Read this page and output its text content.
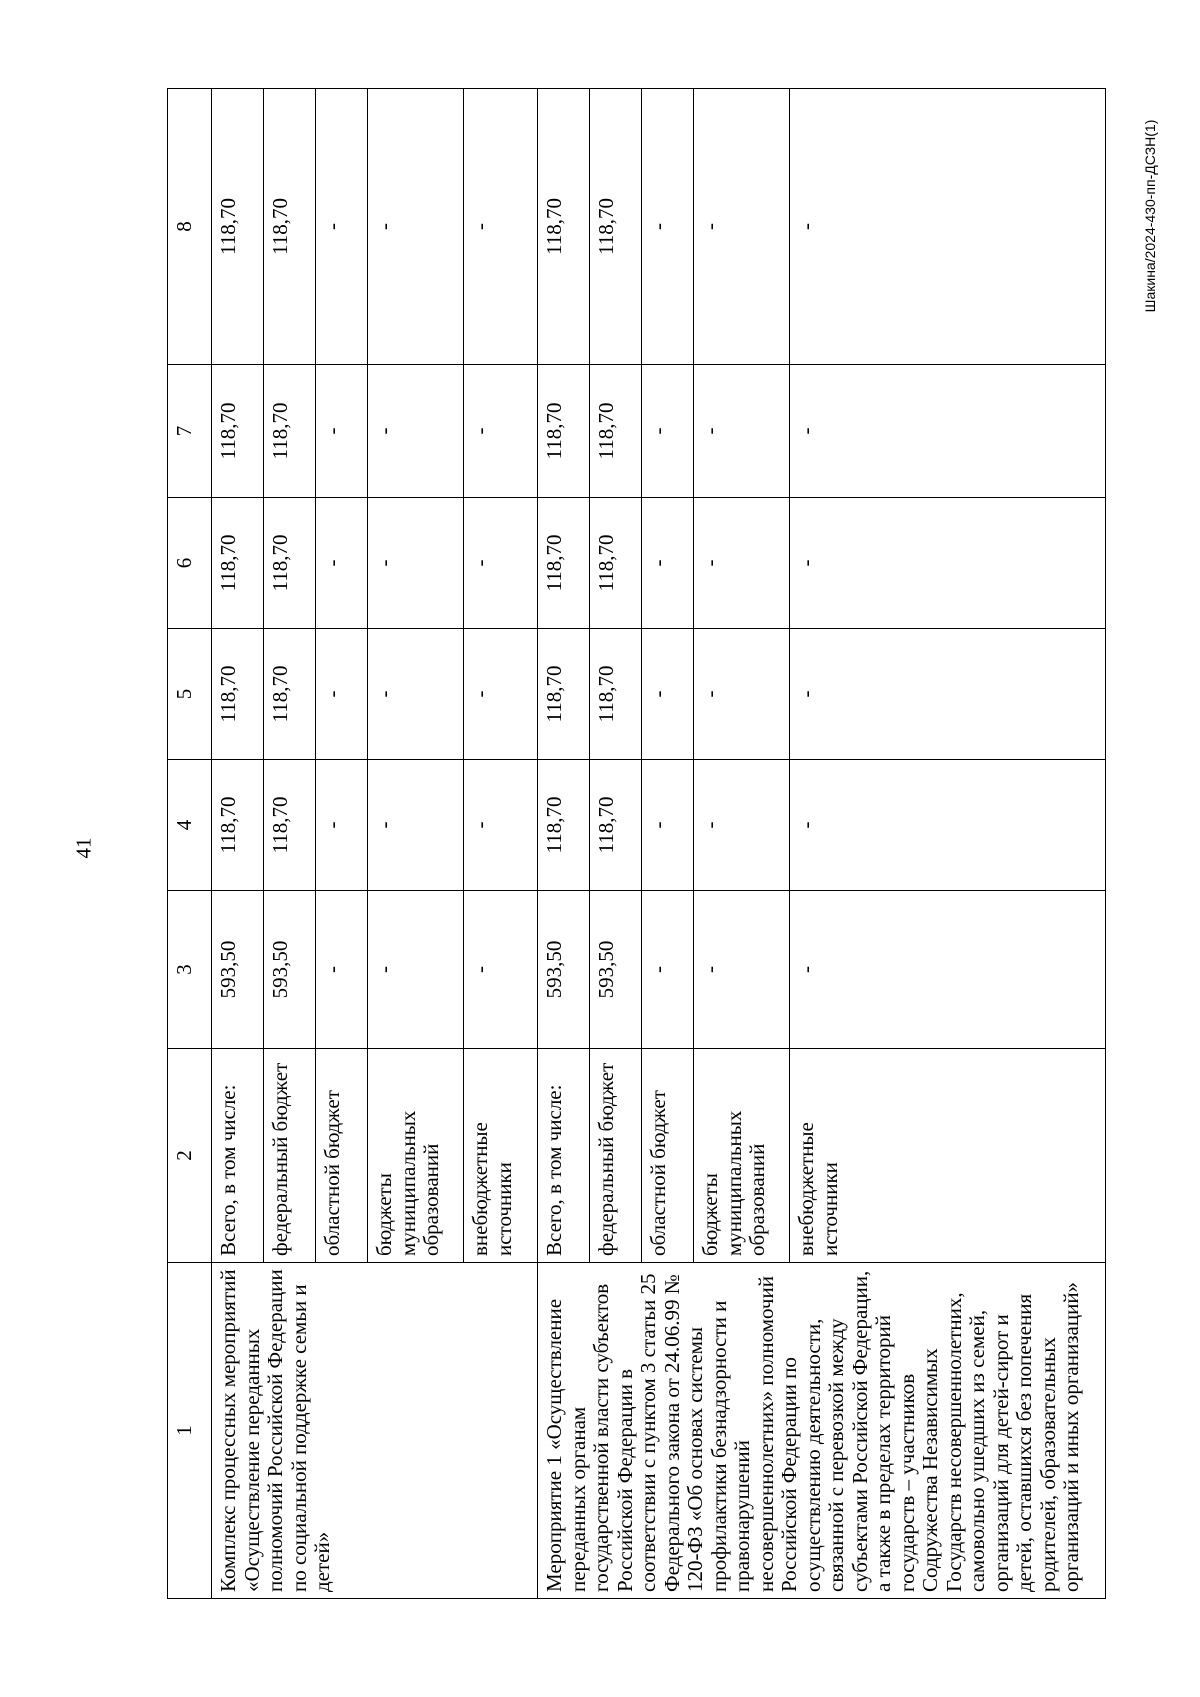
41
Шакина/2024-430-пп-ДСЗН(1)
1	2	3	4	5	6	7	8
Комплекс процессных мероприятий «Осуществление переданных полномочий Российской Федерации по социальной поддержке семьи и детей»	Всего, в том числе:	593,50	118,70	118,70	118,70	118,70	118,70
	федеральный бюджет	593,50	118,70	118,70	118,70	118,70	118,70
	областной бюджет	-	-	-	-	-	-
	бюджеты муниципальных образований	-	-	-	-	-	-
	внебюджетные источники	-	-	-	-	-	-
Мероприятие 1 «Осуществление переданных органам государственной власти субъектов Российской Федерации в соответствии с пунктом 3 статьи 25 Федерального закона от 24.06.99 № 120-ФЗ «Об основах системы профилактики безнадзорности и правонарушений несовершеннолетних» полномочий Российской Федерации по осуществлению деятельности, связанной с перевозкой между субъектами Российской Федерации, а также в пределах территорий государств – участников Содружества Независимых Государств несовершеннолетних, самовольно ушедших из семей, организаций для детей-сирот и детей, оставшихся без попечения родителей, образовательных организаций и иных организаций»	Всего, в том числе:	593,50	118,70	118,70	118,70	118,70	118,70
	федеральный бюджет	593,50	118,70	118,70	118,70	118,70	118,70
	областной бюджет	-	-	-	-	-	-
	бюджеты муниципальных образований	-	-	-	-	-	-
	внебюджетные источники	-	-	-	-	-	-
